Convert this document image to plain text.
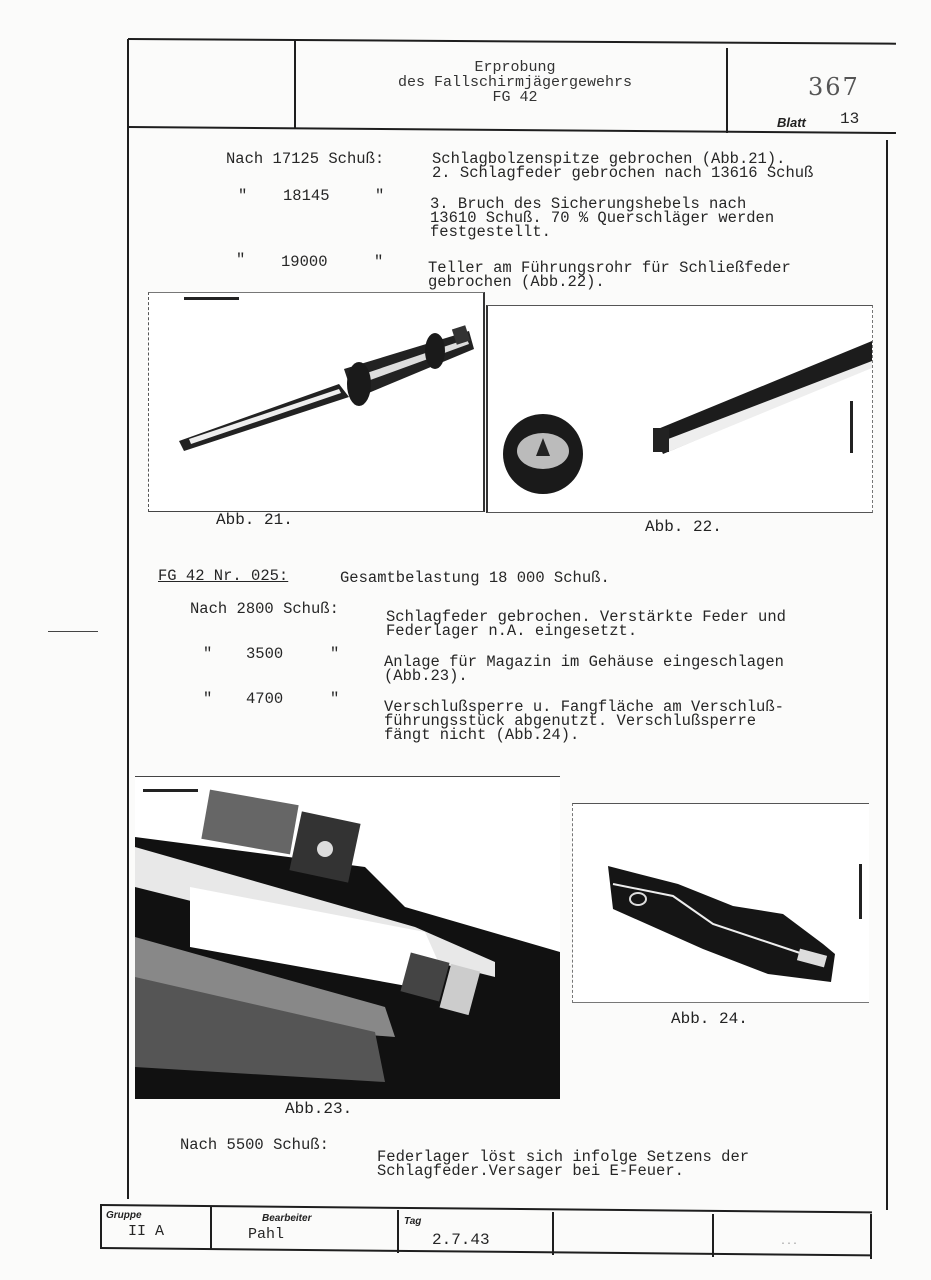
Erprobung
des Fallschirmjägergewehrs
FG 42	367
Blatt 13
Nach 17125 Schuß:	Schlagbolzenspitze gebrochen (Abb.21).
2. Schlagfeder gebrochen nach 13616 Schuß
" 18145	"	3. Bruch des Sicherungshebels nach
13610 Schuß. 70 % Querschläger werden
festgestellt.
" 19000	"	Teller am Führungsrohr für Schließfeder
gebrochen (Abb.22).
Abb. 21.	Abb. 22.
FG 42 Nr. 025:	Gesamtbelastung 18 000 Schuß.
Nach 2800 Schuß:	Schlagfeder gebrochen. Verstärkte Feder und
Federlager n.A. eingesetzt.
" 3500	"	Anlage für Magazin im Gehäuse eingeschlagen
(Abb.23).
" 4700	"	Verschlußsperre u. Fangfläche am Verschluß-
führungsstück abgenutzt. Verschlußsperre
fängt nicht (Abb.24).
Abb.23.
Abb. 24.
Nach 5500 Schuß:
Federlager löst sich infolge Setzens der
Schlagfeder.Versager bei E-Feuer.
Gruppe
II A
Bearbeiter
Pahl
Tag
2.7.43	...
